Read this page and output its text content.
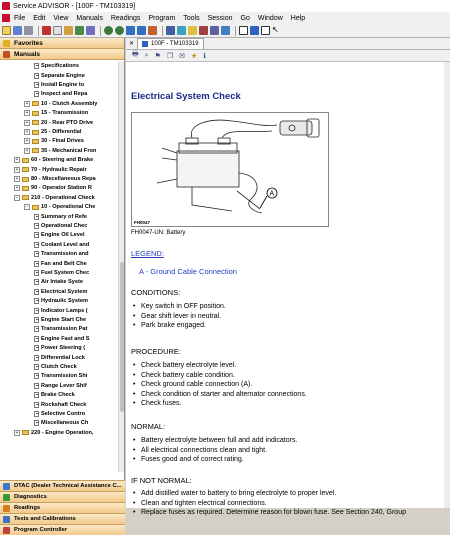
Service ADVISOR - [100F - TM103319]
File Edit View Manuals Readings Program Tools Session Go Window Help
↖
Favorites
Manuals
Specifications
Separate Engine
Install Engine to
Inspect and Repa
+ 10 - Clutch Assembly
+ 15 - Transmission
+ 20 - Rear PTO Drive
+ 25 - Differential
+ 30 - Final Drives
+ 35 - Mechanical Fron
+ 60 - Steering and Brake
+ 70 - Hydraulic Repair
+ 80 - Miscellaneous Repa
+ 90 - Operator Station R
− 210 - Operational Check
− 10 - Operational Che
Summary of Refe
Operational Chec
Engine Oil Level
Coolant Level and
Transmission and
Fan and Belt Che
Fuel System Chec
Air Intake Syste
Electrical System
Hydraulic System
Indicator Lamps (
Engine Start Che
Transmission Pat
Engine Fast and S
Power Steering (
Differential Lock
Clutch Check
Transmission Shi
Range Lever Shif
Brake Check
Rockshaft Check
Selective Contro
Miscellaneous Ch
+ 220 - Engine Operation,
DTAC (Dealer Technical Assistance C...
Diagnostics
Readings
Tests and Calibrations
Program Controller
✕	100F - TM103319
🖶 ⌕ ⚑ ❐ ✉ ★ ℹ
Electrical System Check
A
FH0047
FH0047-UN: Battery
LEGEND:
A - Ground Cable Connection
CONDITIONS:
• Key switch in OFF position.
• Gear shift lever in neutral.
• Park brake engaged.
PROCEDURE:
• Check battery electrolyte level.
• Check battery cable condition.
• Check ground cable connection (A).
• Check condition of starter and alternator connections.
• Check fuses.
NORMAL:
• Battery electrolyte between full and add indicators.
• All electrical connections clean and tight.
• Fuses good and of correct rating.
IF NOT NORMAL:
• Add distilled water to battery to bring electrolyte to proper level.
• Clean and tighten electrical connections.
• Replace fuses as required. Determine reason for blown fuse. See Section 240, Group
